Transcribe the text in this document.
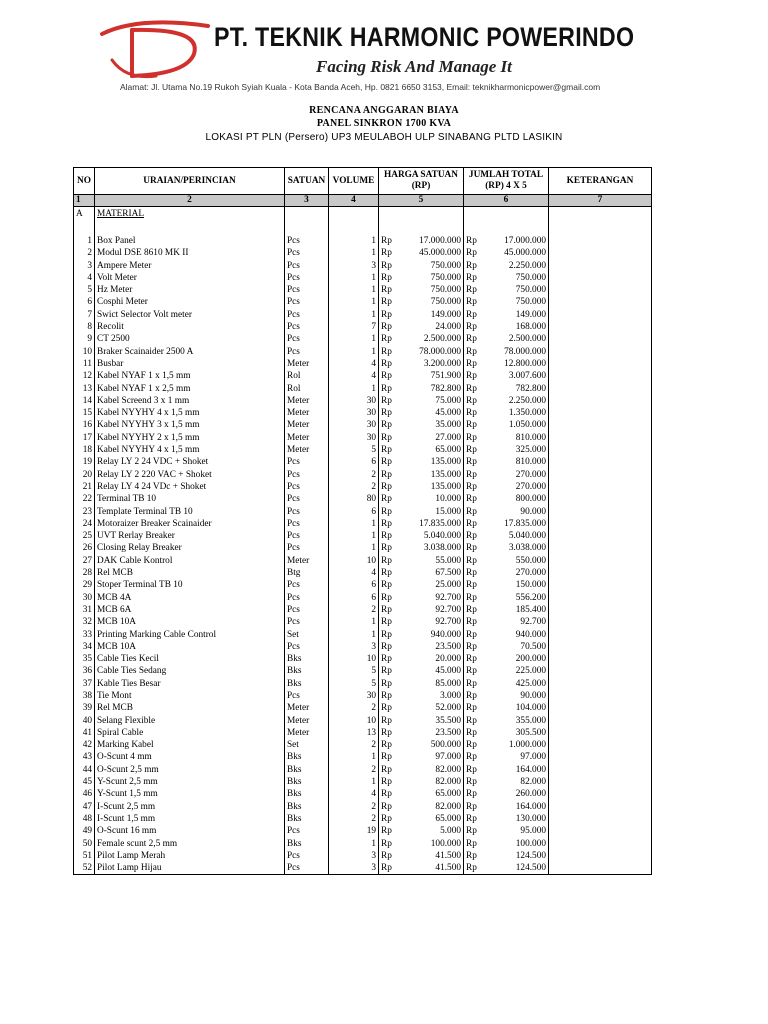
PT. TEKNIK HARMONIC POWERINDO
Facing Risk And Manage It
Alamat: Jl. Utama No.19 Rukoh Syiah Kuala - Kota Banda Aceh, Hp. 0821 6650 3153, Email: teknikharmonicpower@gmail.com
RENCANA ANGGARAN BIAYA
PANEL SINKRON 1700 KVA
LOKASI PT PLN (Persero) UP3 MEULABOH ULP SINABANG PLTD LASIKIN
NO	URAIAN/PERINCIAN	SATUAN	VOLUME	HARGA SATUAN (RP)	JUMLAH TOTAL (RP) 4 X 5	KETERANGAN
1	2	3	4	5	6	7
A	MATERIAL					

1	Box Panel	Pcs	1	Rp 17.000.000	Rp 17.000.000	

2	Modul DSE 8610 MK II	Pcs	1	Rp 45.000.000	Rp 45.000.000	

3	Ampere Meter	Pcs	3	Rp 750.000	Rp 2.250.000	

4	Volt Meter	Pcs	1	Rp 750.000	Rp 750.000	

5	Hz Meter	Pcs	1	Rp 750.000	Rp 750.000	

6	Cosphi Meter	Pcs	1	Rp 750.000	Rp 750.000	

7	Swict Selector Volt meter	Pcs	1	Rp 149.000	Rp 149.000	

8	Recolit	Pcs	7	Rp 24.000	Rp 168.000	

9	CT 2500	Pcs	1	Rp 2.500.000	Rp 2.500.000	

10	Braker Scainaider 2500 A	Pcs	1	Rp 78.000.000	Rp 78.000.000	

11	Busbar	Meter	4	Rp 3.200.000	Rp 12.800.000	

12	Kabel NYAF 1 x 1,5 mm	Rol	4	Rp 751.900	Rp 3.007.600	

13	Kabel NYAF 1 x 2,5 mm	Rol	1	Rp 782.800	Rp 782.800	

14	Kabel Screend 3 x 1 mm	Meter	30	Rp 75.000	Rp 2.250.000	

15	Kabel NYYHY 4 x 1,5 mm	Meter	30	Rp 45.000	Rp 1.350.000	

16	Kabel NYYHY 3 x 1,5 mm	Meter	30	Rp 35.000	Rp 1.050.000	

17	Kabel NYYHY 2 x 1,5 mm	Meter	30	Rp 27.000	Rp 810.000	

18	Kabel NYYHY 4 x 1,5 mm	Meter	5	Rp 65.000	Rp 325.000	

19	Relay LY 2 24 VDC + Shoket	Pcs	6	Rp 135.000	Rp 810.000	

20	Relay LY 2 220 VAC + Shoket	Pcs	2	Rp 135.000	Rp 270.000	

21	Relay LY 4 24 VDc + Shoket	Pcs	2	Rp 135.000	Rp 270.000	

22	Terminal TB 10	Pcs	80	Rp 10.000	Rp 800.000	

23	Template Terminal TB 10	Pcs	6	Rp 15.000	Rp 90.000	

24	Motoraizer Breaker Scainaider	Pcs	1	Rp 17.835.000	Rp 17.835.000	

25	UVT Rerlay Breaker	Pcs	1	Rp 5.040.000	Rp 5.040.000	

26	Closing Relay Breaker	Pcs	1	Rp 3.038.000	Rp 3.038.000	

27	DAK Cable Kontrol	Meter	10	Rp 55.000	Rp 550.000	

28	Rel MCB	Btg	4	Rp 67.500	Rp 270.000	

29	Stoper Terminal TB 10	Pcs	6	Rp 25.000	Rp 150.000	

30	MCB 4A	Pcs	6	Rp 92.700	Rp 556.200	

31	MCB 6A	Pcs	2	Rp 92.700	Rp 185.400	

32	MCB 10A	Pcs	1	Rp 92.700	Rp 92.700	

33	Printing Marking Cable Control	Set	1	Rp 940.000	Rp 940.000	

34	MCB 10A	Pcs	3	Rp 23.500	Rp 70.500	

35	Cable Ties Kecil	Bks	10	Rp 20.000	Rp 200.000	

36	Cable Ties Sedang	Bks	5	Rp 45.000	Rp 225.000	

37	Kable Ties Besar	Bks	5	Rp 85.000	Rp 425.000	

38	Tie Mont	Pcs	30	Rp 3.000	Rp 90.000	

39	Rel MCB	Meter	2	Rp 52.000	Rp 104.000	

40	Selang Flexible	Meter	10	Rp 35.500	Rp 355.000	

41	Spiral Cable	Meter	13	Rp 23.500	Rp 305.500	

42	Marking Kabel	Set	2	Rp 500.000	Rp 1.000.000	

43	O-Scunt 4 mm	Bks	1	Rp 97.000	Rp 97.000	

44	O-Scunt 2,5 mm	Bks	2	Rp 82.000	Rp 164.000	

45	Y-Scunt 2,5 mm	Bks	1	Rp 82.000	Rp 82.000	

46	Y-Scunt 1,5 mm	Bks	4	Rp 65.000	Rp 260.000	

47	I-Scunt 2,5 mm	Bks	2	Rp 82.000	Rp 164.000	

48	I-Scunt 1,5 mm	Bks	2	Rp 65.000	Rp 130.000	

49	O-Scunt 16 mm	Pcs	19	Rp 5.000	Rp 95.000	

50	Female scunt 2,5 mm	Bks	1	Rp 100.000	Rp 100.000	

51	Pilot Lamp Merah	Pcs	3	Rp 41.500	Rp 124.500	

52	Pilot Lamp Hijau	Pcs	3	Rp 41.500	Rp 124.500	
